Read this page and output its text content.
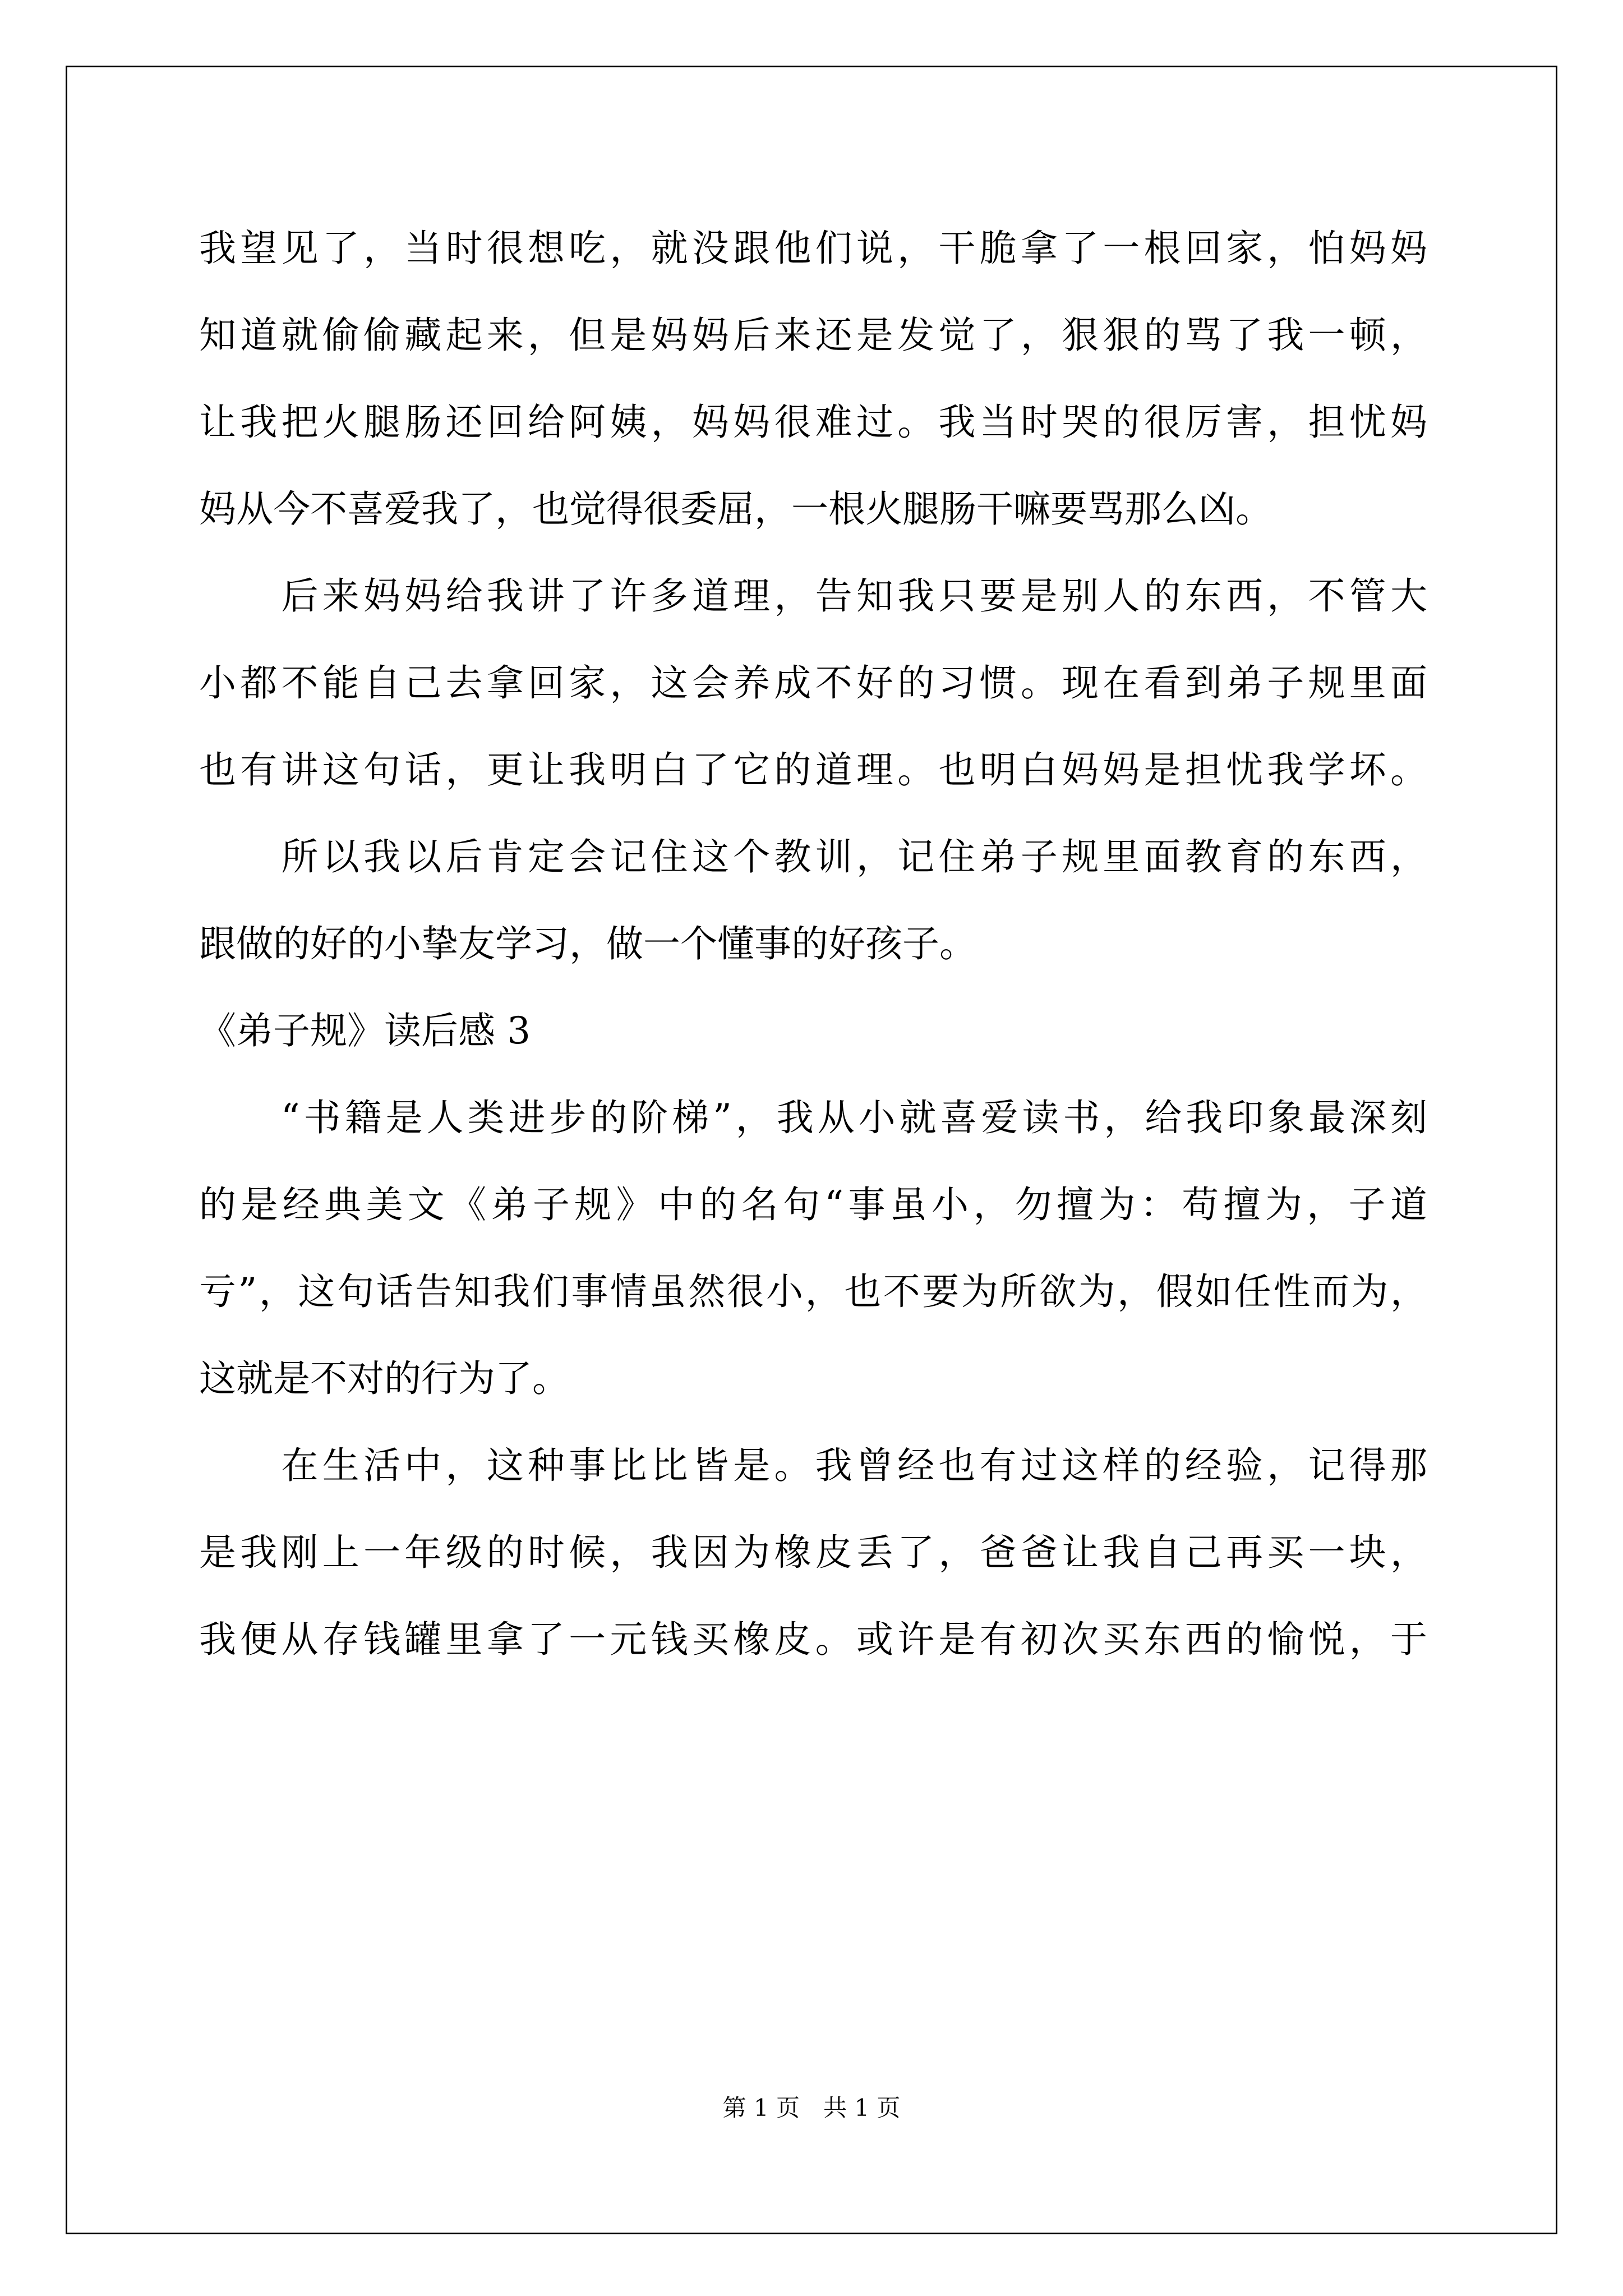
我望见了，当时很想吃，就没跟他们说，干脆拿了一根回家，怕妈妈
知道就偷偷藏起来，但是妈妈后来还是发觉了，狠狠的骂了我一顿，
让我把火腿肠还回给阿姨，妈妈很难过。我当时哭的很厉害，担忧妈
妈从今不喜爱我了，也觉得很委屈，一根火腿肠干嘛要骂那么凶。
　　后来妈妈给我讲了许多道理，告知我只要是别人的东西，不管大
小都不能自己去拿回家，这会养成不好的习惯。现在看到弟子规里面
也有讲这句话，更让我明白了它的道理。也明白妈妈是担忧我学坏。
　　所以我以后肯定会记住这个教训，记住弟子规里面教育的东西，
跟做的好的小挚友学习，做一个懂事的好孩子。
《弟子规》读后感 3
　　“书籍是人类进步的阶梯”，我从小就喜爱读书，给我印象最深刻
的是经典美文《弟子规》中的名句“事虽小，勿擅为：苟擅为，子道
亏”，这句话告知我们事情虽然很小，也不要为所欲为，假如任性而为，
这就是不对的行为了。
　　在生活中，这种事比比皆是。我曾经也有过这样的经验，记得那
是我刚上一年级的时候，我因为橡皮丢了，爸爸让我自己再买一块，
我便从存钱罐里拿了一元钱买橡皮。或许是有初次买东西的愉悦，于
第 1 页　共 1 页
